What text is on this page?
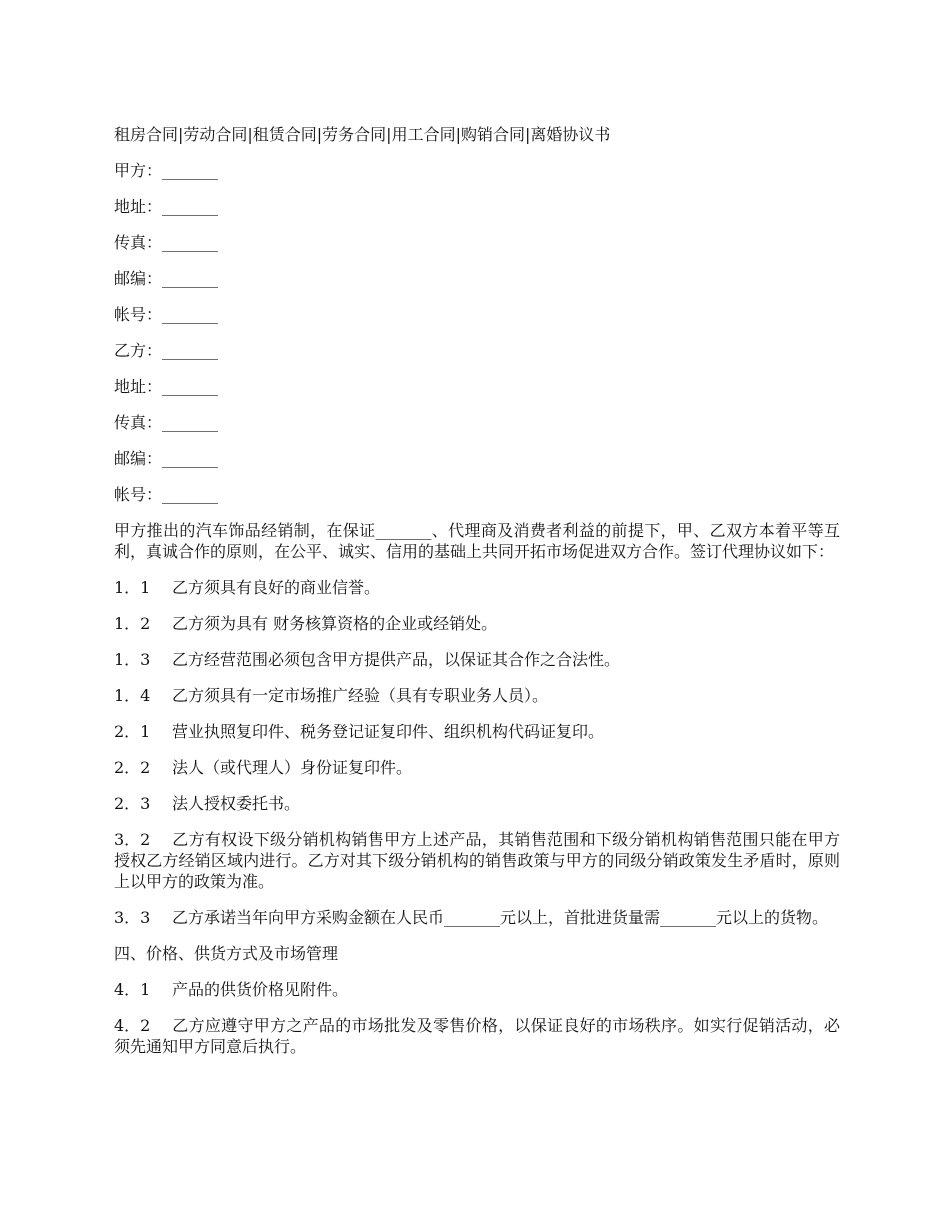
租房合同|劳动合同|租赁合同|劳务合同|用工合同|购销合同|离婚协议书
甲方：_______
地址：_______
传真：_______
邮编：_______
帐号：_______
乙方：_______
地址：_______
传真：_______
邮编：_______
帐号：_______
甲方推出的汽车饰品经销制，在保证_______、代理商及消费者利益的前提下，甲、乙双方本着平等互利，真诚合作的原则，在公平、诚实、信用的基础上共同开拓市场促进双方合作。签订代理协议如下：
1．1 乙方须具有良好的商业信誉。
1．2 乙方须为具有 财务核算资格的企业或经销处。
1．3 乙方经营范围必须包含甲方提供产品，以保证其合作之合法性。
1．4 乙方须具有一定市场推广经验（具有专职业务人员）。
2．1 营业执照复印件、税务登记证复印件、组织机构代码证复印。
2．2 法人（或代理人）身份证复印件。
2．3 法人授权委托书。
3．2 乙方有权设下级分销机构销售甲方上述产品，其销售范围和下级分销机构销售范围只能在甲方授权乙方经销区域内进行。乙方对其下级分销机构的销售政策与甲方的同级分销政策发生矛盾时，原则上以甲方的政策为准。
3．3 乙方承诺当年向甲方采购金额在人民币_______元以上，首批进货量需_______元以上的货物。
四、价格、供货方式及市场管理
4．1 产品的供货价格见附件。
4．2 乙方应遵守甲方之产品的市场批发及零售价格，以保证良好的市场秩序。如实行促销活动，必须先通知甲方同意后执行。
